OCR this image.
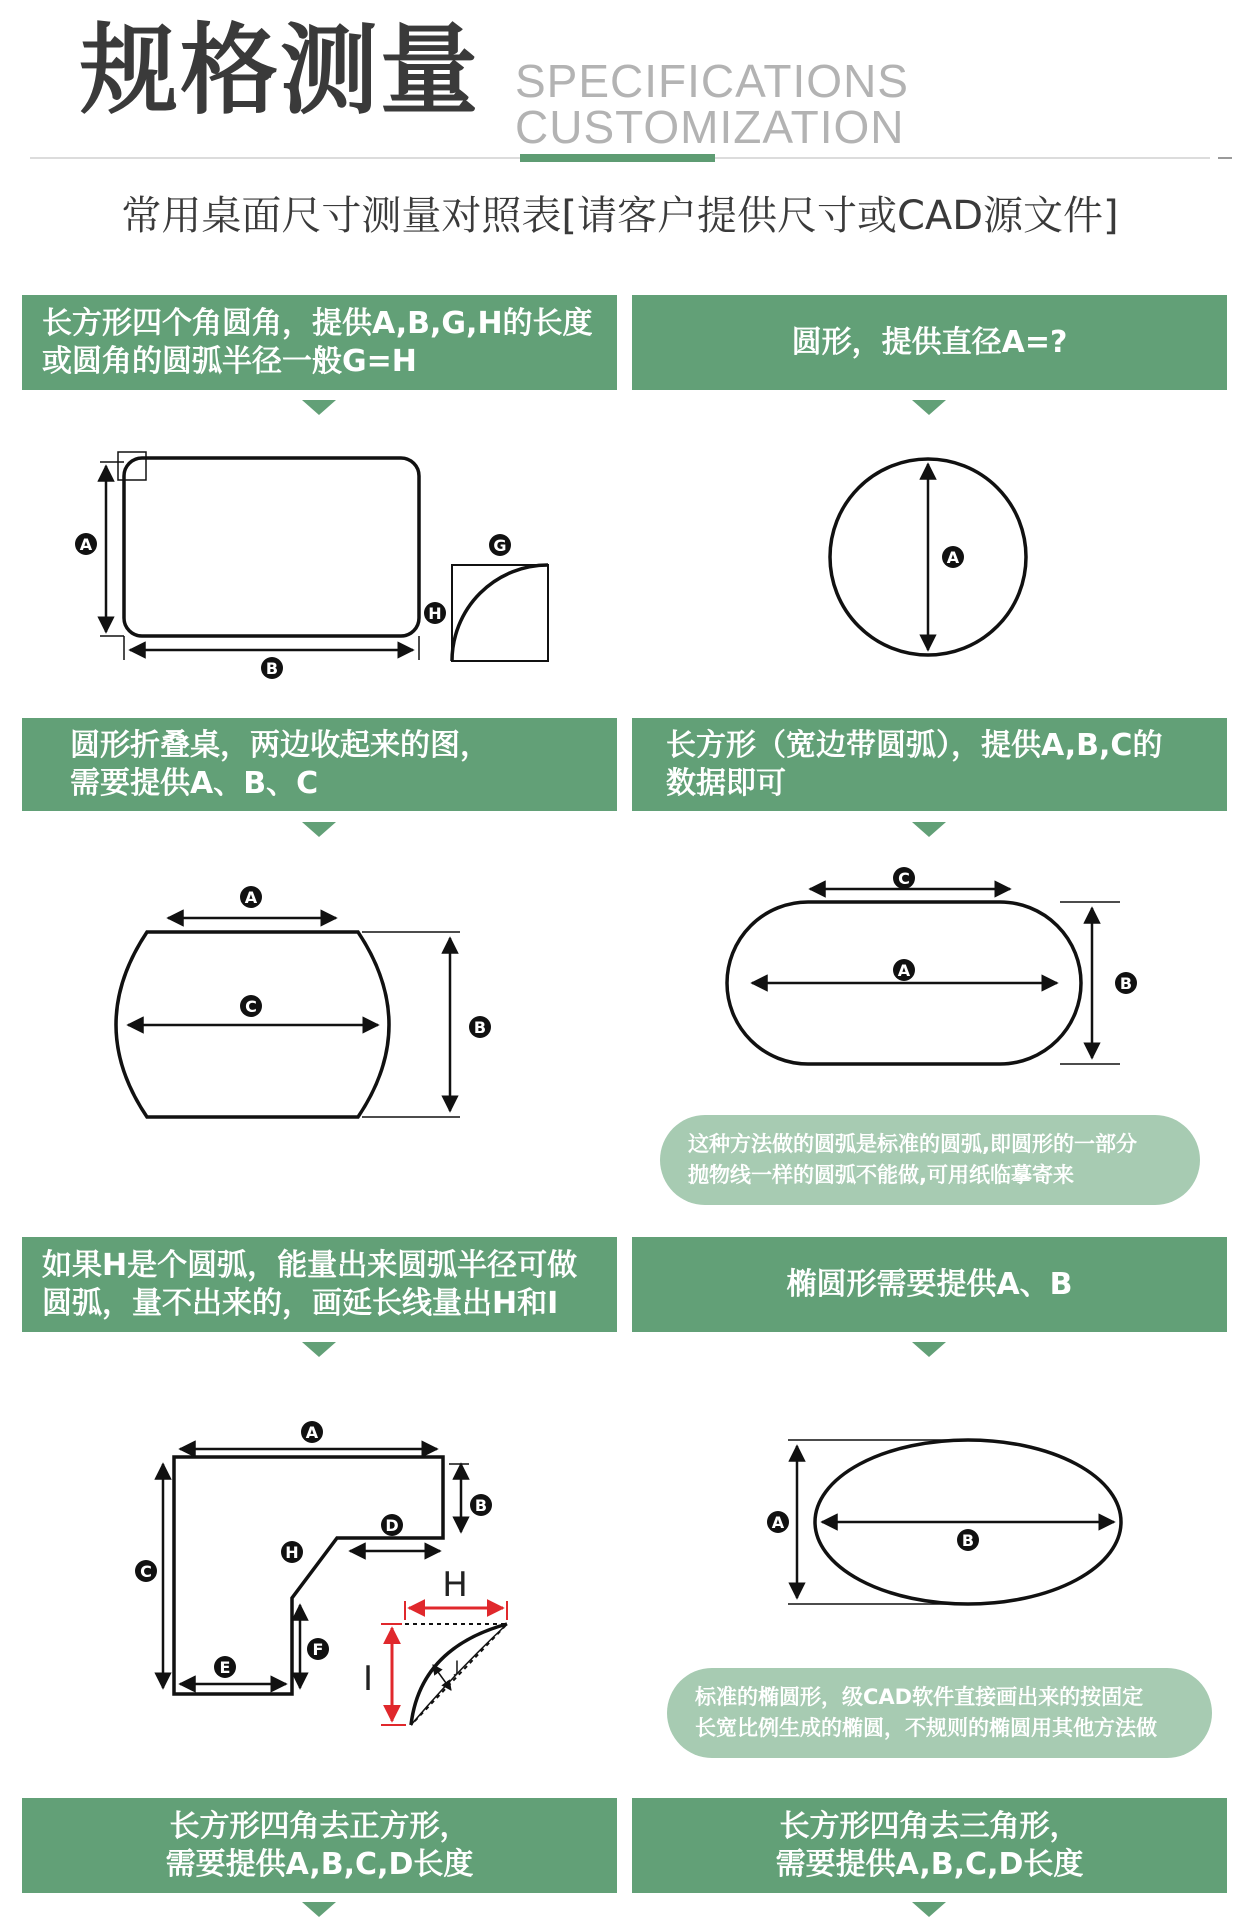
规格测量 SPECIFICATIONS CUSTOMIZATION
常用桌面尺寸测量对照表[请客户提供尺寸或CAD源文件]
长方形四个角圆角，提供A,B,G,H的长度
或圆角的圆弧半径一般G=H
圆形，提供直径A=?
圆形折叠桌，两边收起来的图，
需要提供A、B、C
长方形（宽边带圆弧），提供A,B,C的
数据即可
如果H是个圆弧，能量出来圆弧半径可做
圆弧，量不出来的，画延长线量出H和I
椭圆形需要提供A、B
长方形四角去正方形，
需要提供A,B,C,D长度
长方形四角去三角形，
需要提供A,B,C,D长度
这种方法做的圆弧是标准的圆弧,即圆形的一部分
抛物线一样的圆弧不能做,可用纸临摹寄来
标准的椭圆形，级CAD软件直接画出来的按固定
长宽比例生成的椭圆，不规则的椭圆用其他方法做
A
B
G
H
A
A
C
B
C
A
B
A
B
C
D
H
E
F
H
I	J
A
B
